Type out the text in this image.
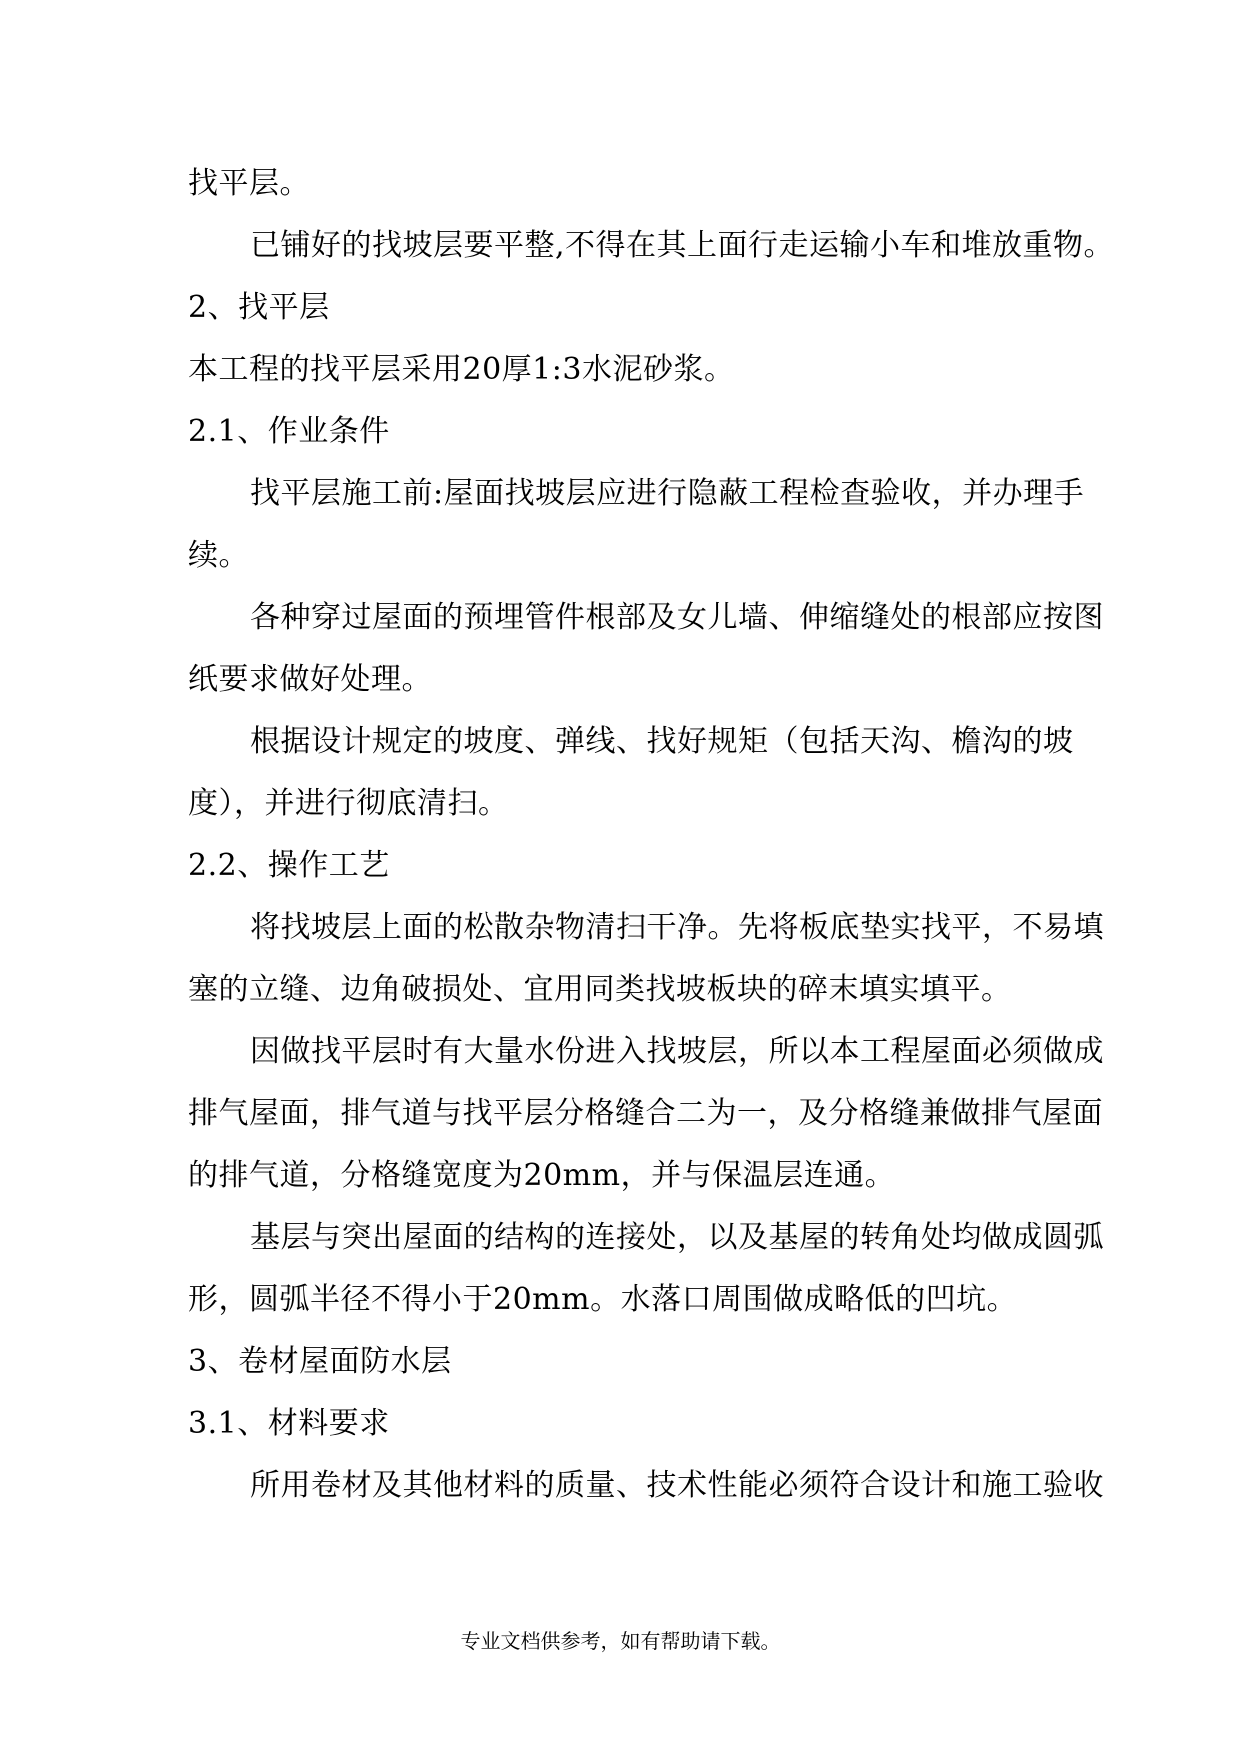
找平层。
已铺好的找坡层要平整,不得在其上面行走运输小车和堆放重物。
2、找平层
本工程的找平层采用20厚1:3水泥砂浆。
2.1、作业条件
找平层施工前:屋面找坡层应进行隐蔽工程检查验收，并办理手
续。
各种穿过屋面的预埋管件根部及女儿墙、伸缩缝处的根部应按图
纸要求做好处理。
根据设计规定的坡度、弹线、找好规矩（包括天沟、檐沟的坡
度），并进行彻底清扫。
2.2、操作工艺
将找坡层上面的松散杂物清扫干净。先将板底垫实找平，不易填
塞的立缝、边角破损处、宜用同类找坡板块的碎末填实填平。
因做找平层时有大量水份进入找坡层，所以本工程屋面必须做成
排气屋面，排气道与找平层分格缝合二为一，及分格缝兼做排气屋面
的排气道，分格缝宽度为20mm，并与保温层连通。
基层与突出屋面的结构的连接处，以及基屋的转角处均做成圆弧
形，圆弧半径不得小于20mm。水落口周围做成略低的凹坑。
3、卷材屋面防水层
3.1、材料要求
所用卷材及其他材料的质量、技术性能必须符合设计和施工验收
专业文档供参考，如有帮助请下载。
